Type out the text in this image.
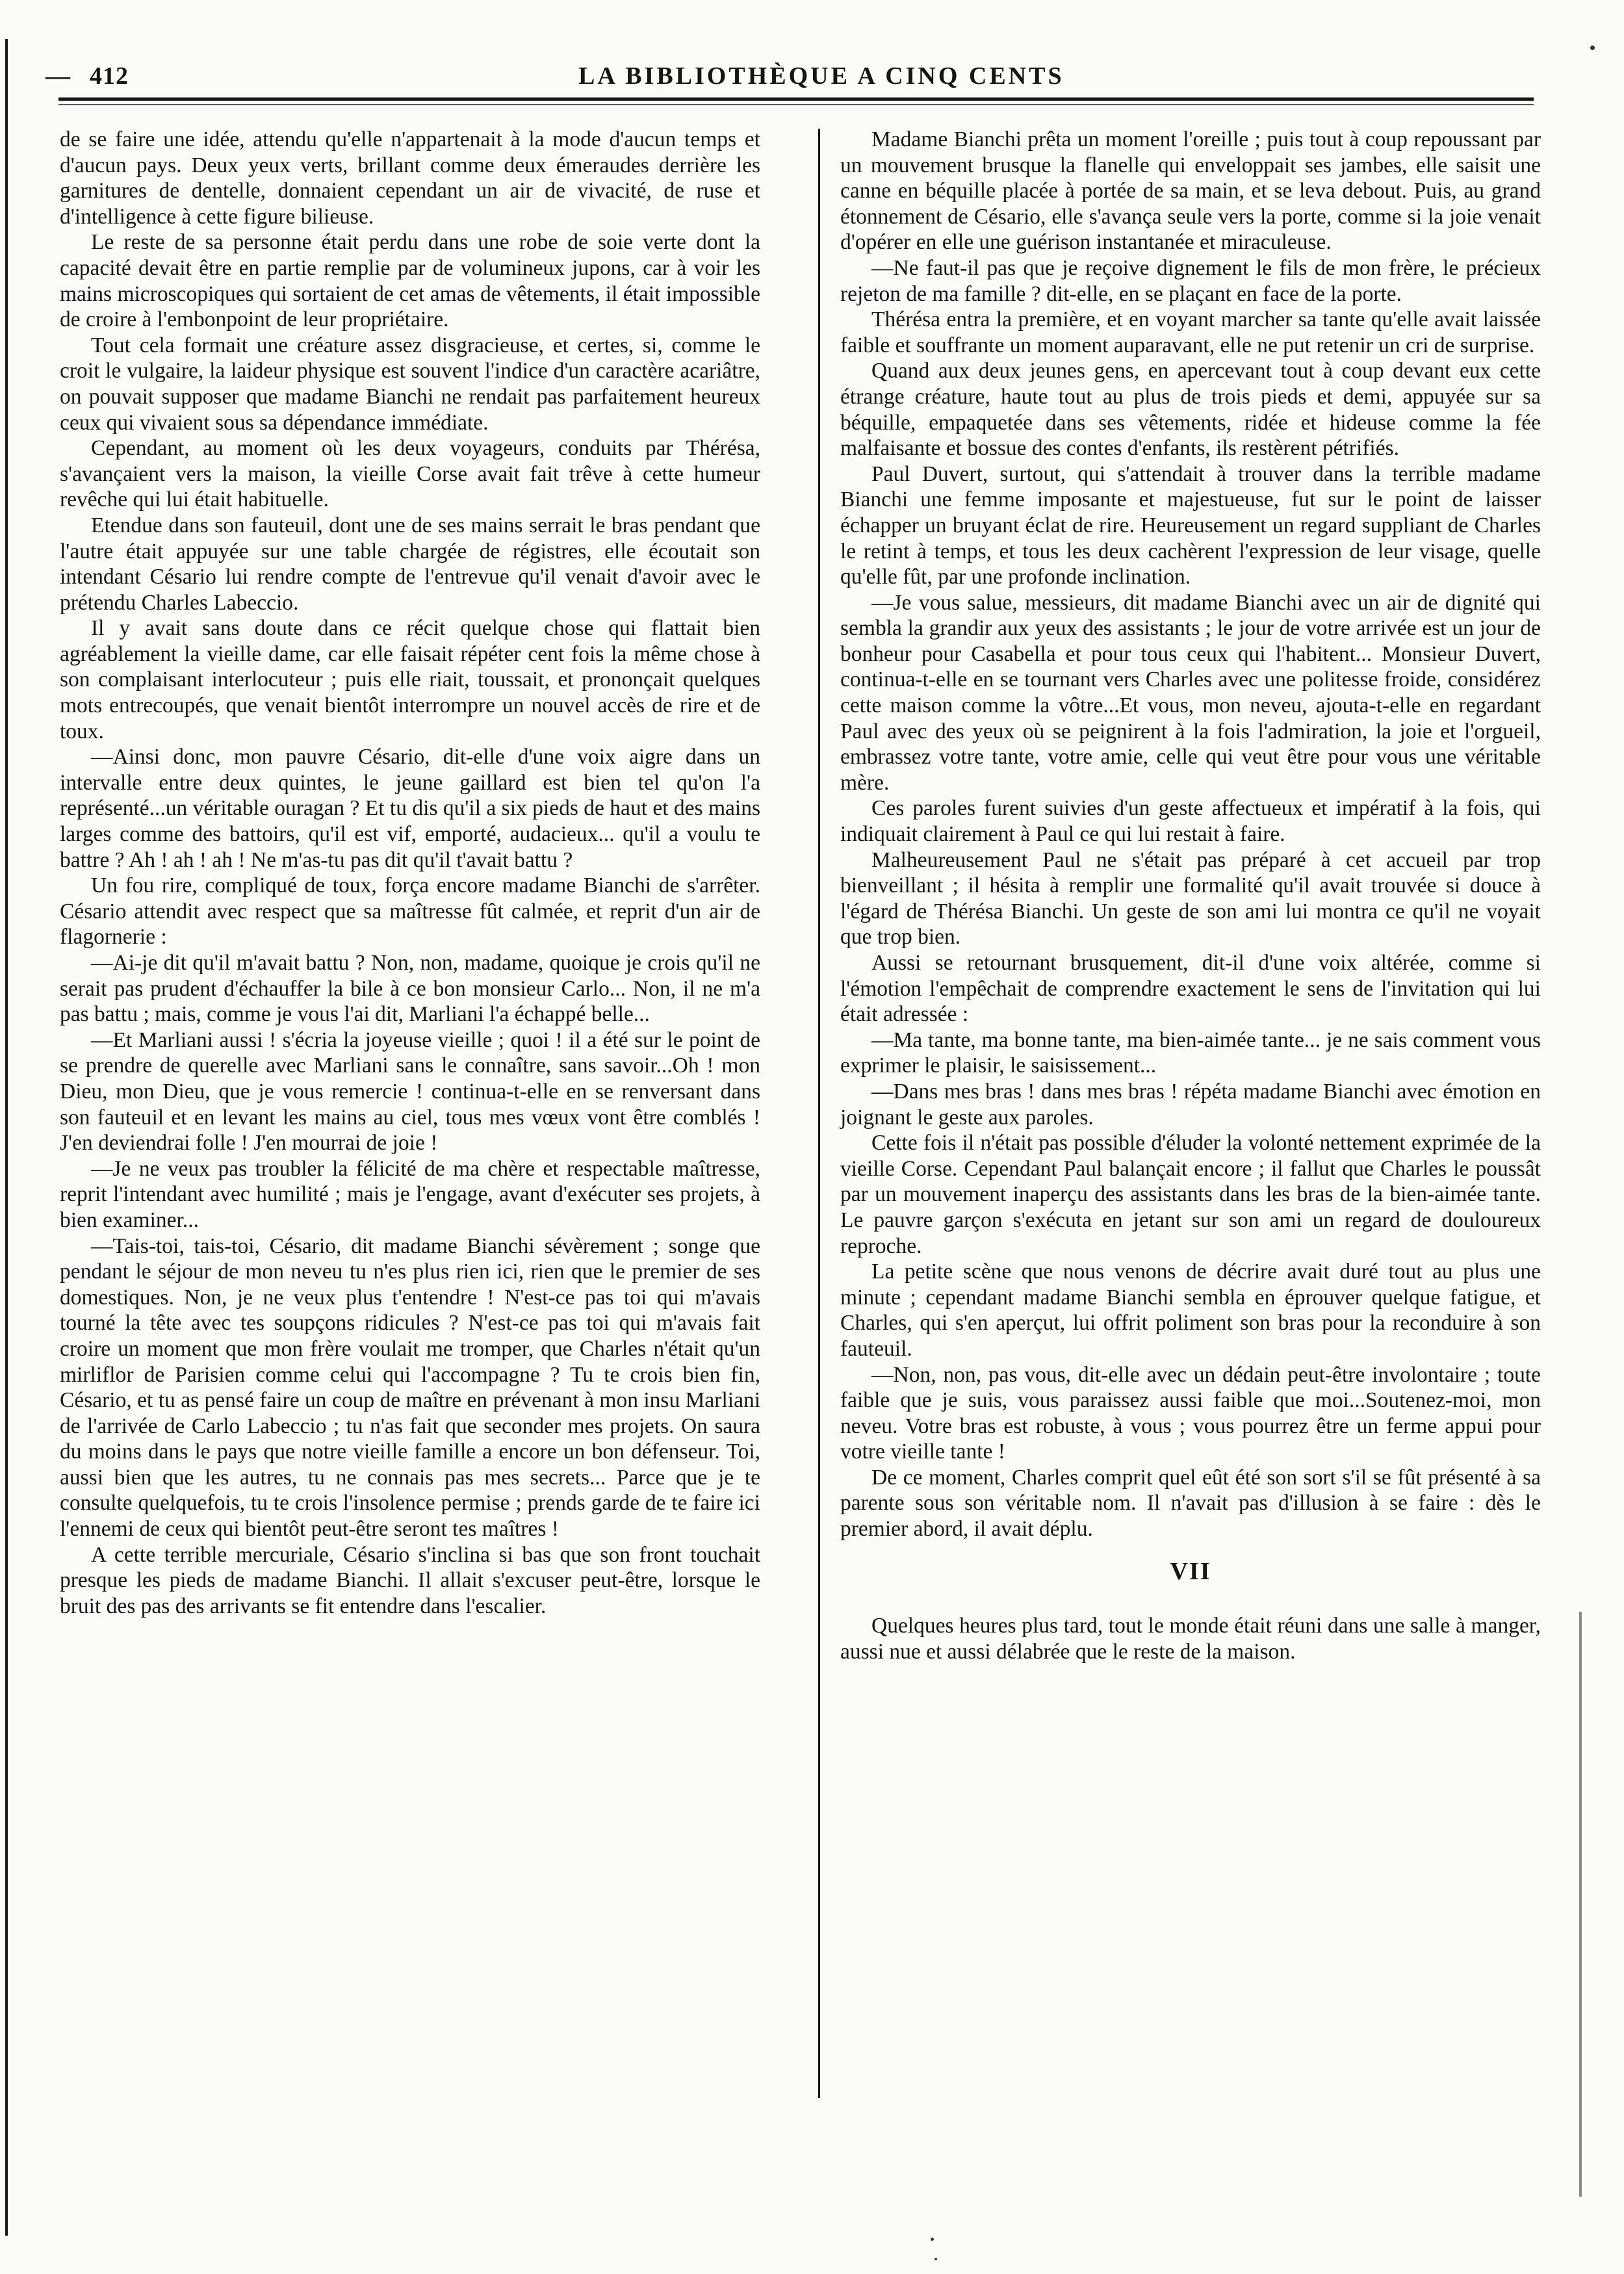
— 412	LA BIBLIOTHÈQUE A CINQ CENTS

de se faire une idée, attendu qu'elle n'appartenait à la mode d'aucun temps et d'aucun pays. Deux yeux verts, brillant comme deux émeraudes derrière les garnitures de dentelle, donnaient cependant un air de vivacité, de ruse et d'intelligence à cette figure bilieuse.

Le reste de sa personne était perdu dans une robe de soie verte dont la capacité devait être en partie remplie par de volumineux jupons, car à voir les mains microscopiques qui sortaient de cet amas de vêtements, il était impossible de croire à l'embonpoint de leur propriétaire.

Tout cela formait une créature assez disgracieuse, et certes, si, comme le croit le vulgaire, la laideur physique est souvent l'indice d'un caractère acariâtre, on pouvait supposer que madame Bianchi ne rendait pas parfaitement heureux ceux qui vivaient sous sa dépendance immédiate.

Cependant, au moment où les deux voyageurs, conduits par Thérésa, s'avançaient vers la maison, la vieille Corse avait fait trêve à cette humeur revêche qui lui était habituelle.

Etendue dans son fauteuil, dont une de ses mains serrait le bras pendant que l'autre était appuyée sur une table chargée de régistres, elle écoutait son intendant Césario lui rendre compte de l'entrevue qu'il venait d'avoir avec le prétendu Charles Labeccio.

Il y avait sans doute dans ce récit quelque chose qui flattait bien agréablement la vieille dame, car elle faisait répéter cent fois la même chose à son complaisant interlocuteur ; puis elle riait, toussait, et prononçait quelques mots entrecoupés, que venait bientôt interrompre un nouvel accès de rire et de toux.

—Ainsi donc, mon pauvre Césario, dit-elle d'une voix aigre dans un intervalle entre deux quintes, le jeune gaillard est bien tel qu'on l'a représenté...un véritable ouragan ? Et tu dis qu'il a six pieds de haut et des mains larges comme des battoirs, qu'il est vif, emporté, audacieux... qu'il a voulu te battre ? Ah ! ah ! ah ! Ne m'as-tu pas dit qu'il t'avait battu ?

Un fou rire, compliqué de toux, força encore madame Bianchi de s'arrêter. Césario attendit avec respect que sa maîtresse fût calmée, et reprit d'un air de flagornerie :

—Ai-je dit qu'il m'avait battu ? Non, non, madame, quoique je crois qu'il ne serait pas prudent d'échauffer la bile à ce bon monsieur Carlo... Non, il ne m'a pas battu ; mais, comme je vous l'ai dit, Marliani l'a échappé belle...

—Et Marliani aussi ! s'écria la joyeuse vieille ; quoi ! il a été sur le point de se prendre de querelle avec Marliani sans le connaître, sans savoir...Oh ! mon Dieu, mon Dieu, que je vous remercie ! continua-t-elle en se renversant dans son fauteuil et en levant les mains au ciel, tous mes vœux vont être comblés ! J'en deviendrai folle ! J'en mourrai de joie !

—Je ne veux pas troubler la félicité de ma chère et respectable maîtresse, reprit l'intendant avec humilité ; mais je l'engage, avant d'exécuter ses projets, à bien examiner...

—Tais-toi, tais-toi, Césario, dit madame Bianchi sévèrement ; songe que pendant le séjour de mon neveu tu n'es plus rien ici, rien que le premier de ses domestiques. Non, je ne veux plus t'entendre ! N'est-ce pas toi qui m'avais tourné la tête avec tes soupçons ridicules ? N'est-ce pas toi qui m'avais fait croire un moment que mon frère voulait me tromper, que Charles n'était qu'un mirliflor de Parisien comme celui qui l'accompagne ? Tu te crois bien fin, Césario, et tu as pensé faire un coup de maître en prévenant à mon insu Marliani de l'arrivée de Carlo Labeccio ; tu n'as fait que seconder mes projets. On saura du moins dans le pays que notre vieille famille a encore un bon défenseur. Toi, aussi bien que les autres, tu ne connais pas mes secrets... Parce que je te consulte quelquefois, tu te crois l'insolence permise ; prends garde de te faire ici l'ennemi de ceux qui bientôt peut-être seront tes maîtres !

A cette terrible mercuriale, Césario s'inclina si bas que son front touchait presque les pieds de madame Bianchi. Il allait s'excuser peut-être, lorsque le bruit des pas des arrivants se fit entendre dans l'escalier.

Madame Bianchi prêta un moment l'oreille ; puis tout à coup repoussant par un mouvement brusque la flanelle qui enveloppait ses jambes, elle saisit une canne en béquille placée à portée de sa main, et se leva debout. Puis, au grand étonnement de Césario, elle s'avança seule vers la porte, comme si la joie venait d'opérer en elle une guérison instantanée et miraculeuse.

—Ne faut-il pas que je reçoive dignement le fils de mon frère, le précieux rejeton de ma famille ? dit-elle, en se plaçant en face de la porte.

Thérésa entra la première, et en voyant marcher sa tante qu'elle avait laissée faible et souffrante un moment auparavant, elle ne put retenir un cri de surprise.

Quand aux deux jeunes gens, en apercevant tout à coup devant eux cette étrange créature, haute tout au plus de trois pieds et demi, appuyée sur sa béquille, empaquetée dans ses vêtements, ridée et hideuse comme la fée malfaisante et bossue des contes d'enfants, ils restèrent pétrifiés.

Paul Duvert, surtout, qui s'attendait à trouver dans la terrible madame Bianchi une femme imposante et majestueuse, fut sur le point de laisser échapper un bruyant éclat de rire. Heureusement un regard suppliant de Charles le retint à temps, et tous les deux cachèrent l'expression de leur visage, quelle qu'elle fût, par une profonde inclination.

—Je vous salue, messieurs, dit madame Bianchi avec un air de dignité qui sembla la grandir aux yeux des assistants ; le jour de votre arrivée est un jour de bonheur pour Casabella et pour tous ceux qui l'habitent... Monsieur Duvert, continua-t-elle en se tournant vers Charles avec une politesse froide, considérez cette maison comme la vôtre...Et vous, mon neveu, ajouta-t-elle en regardant Paul avec des yeux où se peignirent à la fois l'admiration, la joie et l'orgueil, embrassez votre tante, votre amie, celle qui veut être pour vous une véritable mère.

Ces paroles furent suivies d'un geste affectueux et impératif à la fois, qui indiquait clairement à Paul ce qui lui restait à faire.

Malheureusement Paul ne s'était pas préparé à cet accueil par trop bienveillant ; il hésita à remplir une formalité qu'il avait trouvée si douce à l'égard de Thérésa Bianchi. Un geste de son ami lui montra ce qu'il ne voyait que trop bien.

Aussi se retournant brusquement, dit-il d'une voix altérée, comme si l'émotion l'empêchait de comprendre exactement le sens de l'invitation qui lui était adressée :

—Ma tante, ma bonne tante, ma bien-aimée tante... je ne sais comment vous exprimer le plaisir, le saisissement...

—Dans mes bras ! dans mes bras ! répéta madame Bianchi avec émotion en joignant le geste aux paroles.

Cette fois il n'était pas possible d'éluder la volonté nettement exprimée de la vieille Corse. Cependant Paul balançait encore ; il fallut que Charles le poussât par un mouvement inaperçu des assistants dans les bras de la bien-aimée tante. Le pauvre garçon s'exécuta en jetant sur son ami un regard de douloureux reproche.

La petite scène que nous venons de décrire avait duré tout au plus une minute ; cependant madame Bianchi sembla en éprouver quelque fatigue, et Charles, qui s'en aperçut, lui offrit poliment son bras pour la reconduire à son fauteuil.

—Non, non, pas vous, dit-elle avec un dédain peut-être involontaire ; toute faible que je suis, vous paraissez aussi faible que moi...Soutenez-moi, mon neveu. Votre bras est robuste, à vous ; vous pourrez être un ferme appui pour votre vieille tante !

De ce moment, Charles comprit quel eût été son sort s'il se fût présenté à sa parente sous son véritable nom. Il n'avait pas d'illusion à se faire : dès le premier abord, il avait déplu.

VII

Quelques heures plus tard, tout le monde était réuni dans une salle à manger, aussi nue et aussi délabrée que le reste de la maison.
